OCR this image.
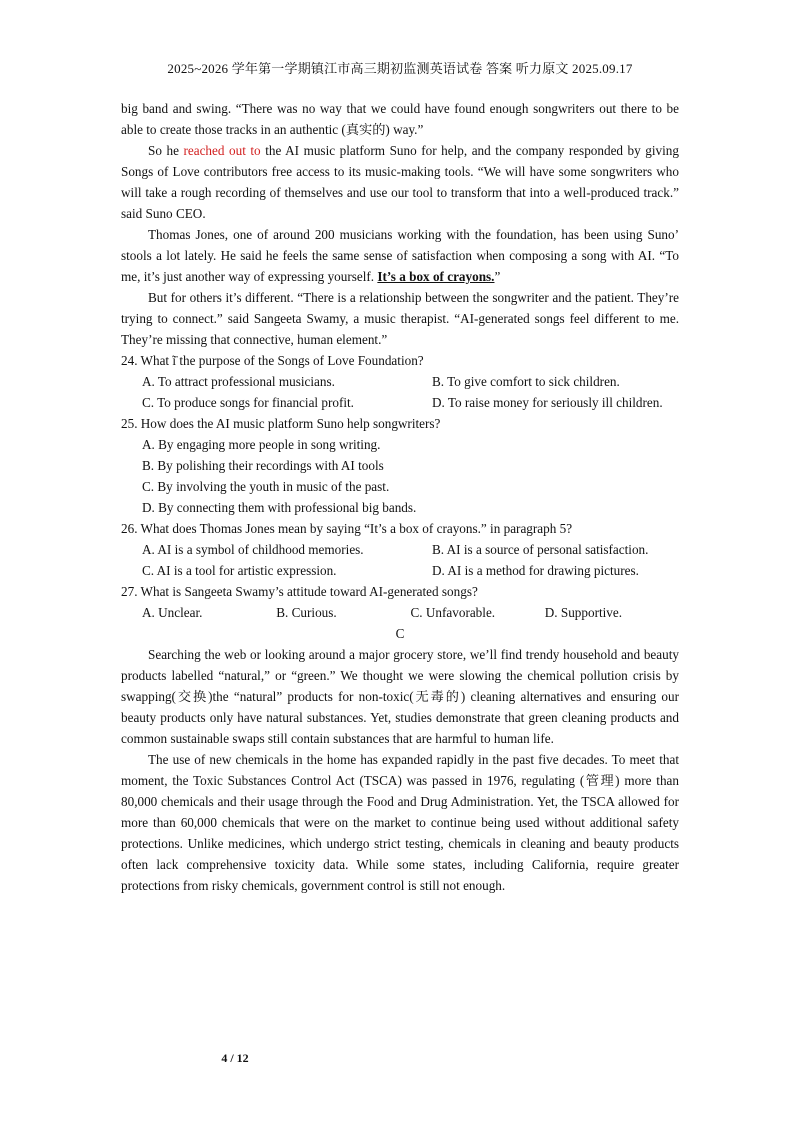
2025~2026 学年第一学期镇江市高三期初监测英语试卷 答案 听力原文 2025.09.17

big band and swing. “There was no way that we could have found enough songwriters out there to be able to create those tracks in an authentic (真实的) way.”

So he reached out to the AI music platform Suno for help, and the company responded by giving Songs of Love contributors free access to its music-making tools. “We will have some songwriters who will take a rough recording of themselves and use our tool to transform that into a well-produced track.” said Suno CEO.

Thomas Jones, one of around 200 musicians working with the foundation, has been using Suno’ stools a lot lately. He said he feels the same sense of satisfaction when composing a song with AI. “To me, it’s just another way of expressing yourself. It’s a box of crayons.”

But for others it’s different. “There is a relationship between the songwriter and the patient. They’re trying to connect.” said Sangeeta Swamy, a music therapist. “AI-generated songs feel different to me. They’re missing that connective, human element.”

24. What ĩ̈ the purpose of the Songs of Love Foundation?

A. To attract professional musicians.	B. To give comfort to sick children.
C. To produce songs for financial profit.	D. To raise money for seriously ill children.

25. How does the AI music platform Suno help songwriters?

A. By engaging more people in song writing.

B. By polishing their recordings with AI tools

C. By involving the youth in music of the past.

D. By connecting them with professional big bands.

26. What does Thomas Jones mean by saying “It’s a box of crayons.” in paragraph 5?

A. AI is a symbol of childhood memories.	B. AI is a source of personal satisfaction.
C. AI is a tool for artistic expression.	D. AI is a method for drawing pictures.

27. What is Sangeeta Swamy’s attitude toward AI-generated songs?

A. Unclear.	B. Curious.	C. Unfavorable.	D. Supportive.

C

Searching the web or looking around a major grocery store, we’ll find trendy household and beauty products labelled “natural,” or “green.” We thought we were slowing the chemical pollution crisis by swapping(交换)the “natural” products for non-toxic(无毒的) cleaning alternatives and ensuring our beauty products only have natural substances. Yet, studies demonstrate that green cleaning products and common sustainable swaps still contain substances that are harmful to human life.

The use of new chemicals in the home has expanded rapidly in the past five decades. To meet that moment, the Toxic Substances Control Act (TSCA) was passed in 1976, regulating (管理) more than 80,000 chemicals and their usage through the Food and Drug Administration. Yet, the TSCA allowed for more than 60,000 chemicals that were on the market to continue being used without additional safety protections. Unlike medicines, which undergo strict testing, chemicals in cleaning and beauty products often lack comprehensive toxicity data. While some states, including California, require greater protections from risky chemicals, government control is still not enough.

4 / 12
